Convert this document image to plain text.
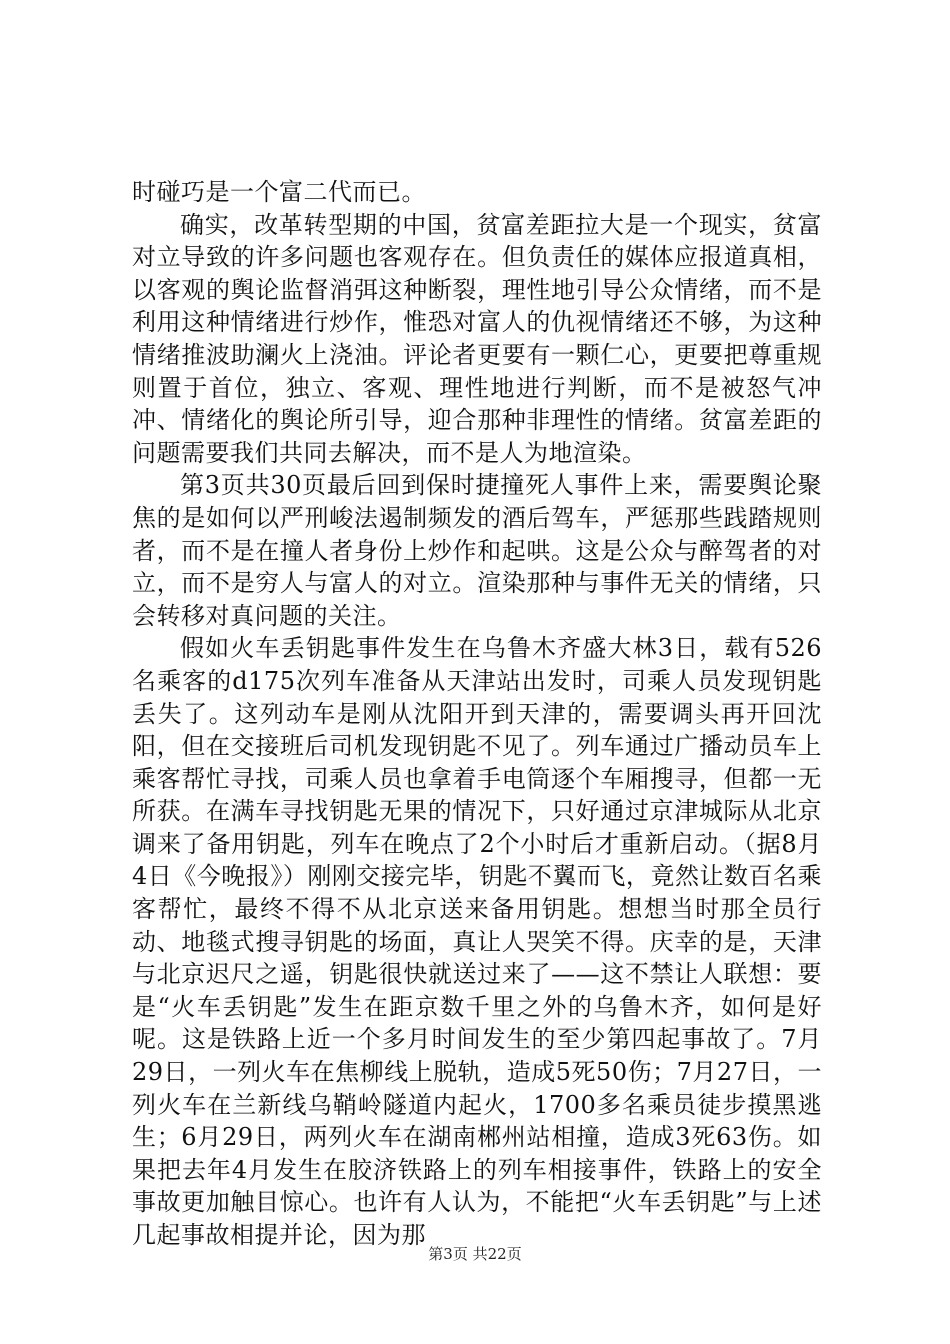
时碰巧是一个富二代而已。

确实，改革转型期的中国，贫富差距拉大是一个现实，贫富对立导致的许多问题也客观存在。但负责任的媒体应报道真相，以客观的舆论监督消弭这种断裂，理性地引导公众情绪，而不是利用这种情绪进行炒作，惟恐对富人的仇视情绪还不够，为这种情绪推波助澜火上浇油。评论者更要有一颗仁心，更要把尊重规则置于首位，独立、客观、理性地进行判断，而不是被怒气冲冲、情绪化的舆论所引导，迎合那种非理性的情绪。贫富差距的问题需要我们共同去解决，而不是人为地渲染。

第3页共30页最后回到保时捷撞死人事件上来，需要舆论聚焦的是如何以严刑峻法遏制频发的酒后驾车，严惩那些践踏规则者，而不是在撞人者身份上炒作和起哄。这是公众与醉驾者的对立，而不是穷人与富人的对立。渲染那种与事件无关的情绪，只会转移对真问题的关注。

假如火车丢钥匙事件发生在乌鲁木齐盛大林3日，载有526名乘客的d175次列车准备从天津站出发时，司乘人员发现钥匙丢失了。这列动车是刚从沈阳开到天津的，需要调头再开回沈阳，但在交接班后司机发现钥匙不见了。列车通过广播动员车上乘客帮忙寻找，司乘人员也拿着手电筒逐个车厢搜寻，但都一无所获。在满车寻找钥匙无果的情况下，只好通过京津城际从北京调来了备用钥匙，列车在晚点了2个小时后才重新启动。（据8月4日《今晚报》）刚刚交接完毕，钥匙不翼而飞，竟然让数百名乘客帮忙，最终不得不从北京送来备用钥匙。想想当时那全员行动、地毯式搜寻钥匙的场面，真让人哭笑不得。庆幸的是，天津与北京迟尺之遥，钥匙很快就送过来了——这不禁让人联想：要是“火车丢钥匙”发生在距京数千里之外的乌鲁木齐，如何是好呢。这是铁路上近一个多月时间发生的至少第四起事故了。7月29日，一列火车在焦柳线上脱轨，造成5死50伤；7月27日，一列火车在兰新线乌鞘岭隧道内起火，1700多名乘员徒步摸黑逃生；6月29日，两列火车在湖南郴州站相撞，造成3死63伤。如果把去年4月发生在胶济铁路上的列车相接事件，铁路上的安全事故更加触目惊心。也许有人认为，不能把“火车丢钥匙”与上述几起事故相提并论，因为那

第3页 共22页
